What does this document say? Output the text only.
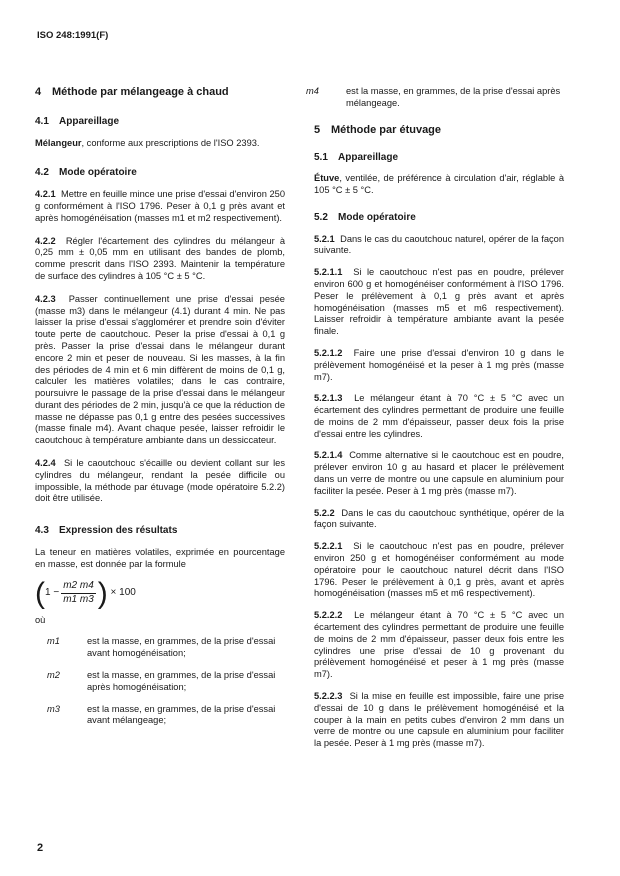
ISO 248:1991(F)
4 Méthode par mélangeage à chaud
4.1 Appareillage

Mélangeur, conforme aux prescriptions de l'ISO 2393.

4.2 Mode opératoire

4.2.1 Mettre en feuille mince une prise d'essai d'environ 250 g conformément à l'ISO 1796. Peser à 0,1 g près avant et après homogénéisation (masses m1 et m2 respectivement).

4.2.2 Régler l'écartement des cylindres du mélangeur à 0,25 mm ± 0,05 mm en utilisant des bandes de plomb, comme prescrit dans l'ISO 2393. Maintenir la température de surface des cylindres à 105 °C ± 5 °C.

4.2.3 Passer continuellement une prise d'essai pesée (masse m3) dans le mélangeur (4.1) durant 4 min. Ne pas laisser la prise d'essai s'agglomérer et prendre soin d'éviter toute perte de caoutchouc. Peser la prise d'essai à 0,1 g près. Passer la prise d'essai dans le mélangeur durant encore 2 min et peser de nouveau. Si les masses, à la fin des périodes de 4 min et 6 min diffèrent de moins de 0,1 g, calculer les matières volatiles; dans le cas contraire, poursuivre le passage de la prise d'essai dans le mélangeur durant des périodes de 2 min, jusqu'à ce que la réduction de masse ne dépasse pas 0,1 g entre des pesées successives (masse finale m4). Avant chaque pesée, laisser refroidir le caoutchouc à température ambiante dans un dessiccateur.

4.2.4 Si le caoutchouc s'écaille ou devient collant sur les cylindres du mélangeur, rendant la pesée difficile ou impossible, la méthode par étuvage (mode opératoire 5.2.2) doit être utilisée.

4.3 Expression des résultats

La teneur en matières volatiles, exprimée en pourcentage en masse, est donnée par la formule

( 1
− $\frac{m2 m4}{m1 m3}$ )
× 100

où

m1	est la masse, en grammes, de la prise d'essai avant homogénéisation;
m2	est la masse, en grammes, de la prise d'essai après homogénéisation;
m3	est la masse, en grammes, de la prise d'essai avant mélangeage;
m4	est la masse, en grammes, de la prise d'essai après mélangeage.
5 Méthode par étuvage
5.1 Appareillage

Étuve, ventilée, de préférence à circulation d'air, réglable à 105 °C ± 5 °C.

5.2 Mode opératoire

5.2.1 Dans le cas du caoutchouc naturel, opérer de la façon suivante.

5.2.1.1 Si le caoutchouc n'est pas en poudre, prélever environ 600 g et homogénéiser conformément à l'ISO 1796. Peser le prélèvement à 0,1 g près avant et après homogénéisation (masses m5 et m6 respectivement). Laisser refroidir à température ambiante avant la pesée finale.

5.2.1.2 Faire une prise d'essai d'environ 10 g dans le prélèvement homogénéisé et la peser à 1 mg près (masse m7).

5.2.1.3 Le mélangeur étant à 70 °C ± 5 °C avec un écartement des cylindres permettant de produire une feuille de moins de 2 mm d'épaisseur, passer deux fois la prise d'essai entre les cylindres.

5.2.1.4 Comme alternative si le caoutchouc est en poudre, prélever environ 10 g au hasard et placer le prélèvement dans un verre de montre ou une capsule en aluminium pour faciliter la pesée. Peser à 1 mg près (masse m7).

5.2.2 Dans le cas du caoutchouc synthétique, opérer de la façon suivante.

5.2.2.1 Si le caoutchouc n'est pas en poudre, prélever environ 250 g et homogénéiser conformément au mode opératoire pour le caoutchouc naturel décrit dans l'ISO 1796. Peser le prélèvement à 0,1 g près, avant et après homogénéisation (masses m5 et m6 respectivement).

5.2.2.2 Le mélangeur étant à 70 °C ± 5 °C avec un écartement des cylindres permettant de produire une feuille de moins de 2 mm d'épaisseur, passer deux fois entre les cylindres une prise d'essai de 10 g provenant du prélèvement homogénéisé et peser à 1 mg près (masse m7).

5.2.2.3 Si la mise en feuille est impossible, faire une prise d'essai de 10 g dans le prélèvement homogénéisé et la couper à la main en petits cubes d'environ 2 mm dans un verre de montre ou une capsule en aluminium pour faciliter la pesée. Peser à 1 mg près (masse m7).

2
